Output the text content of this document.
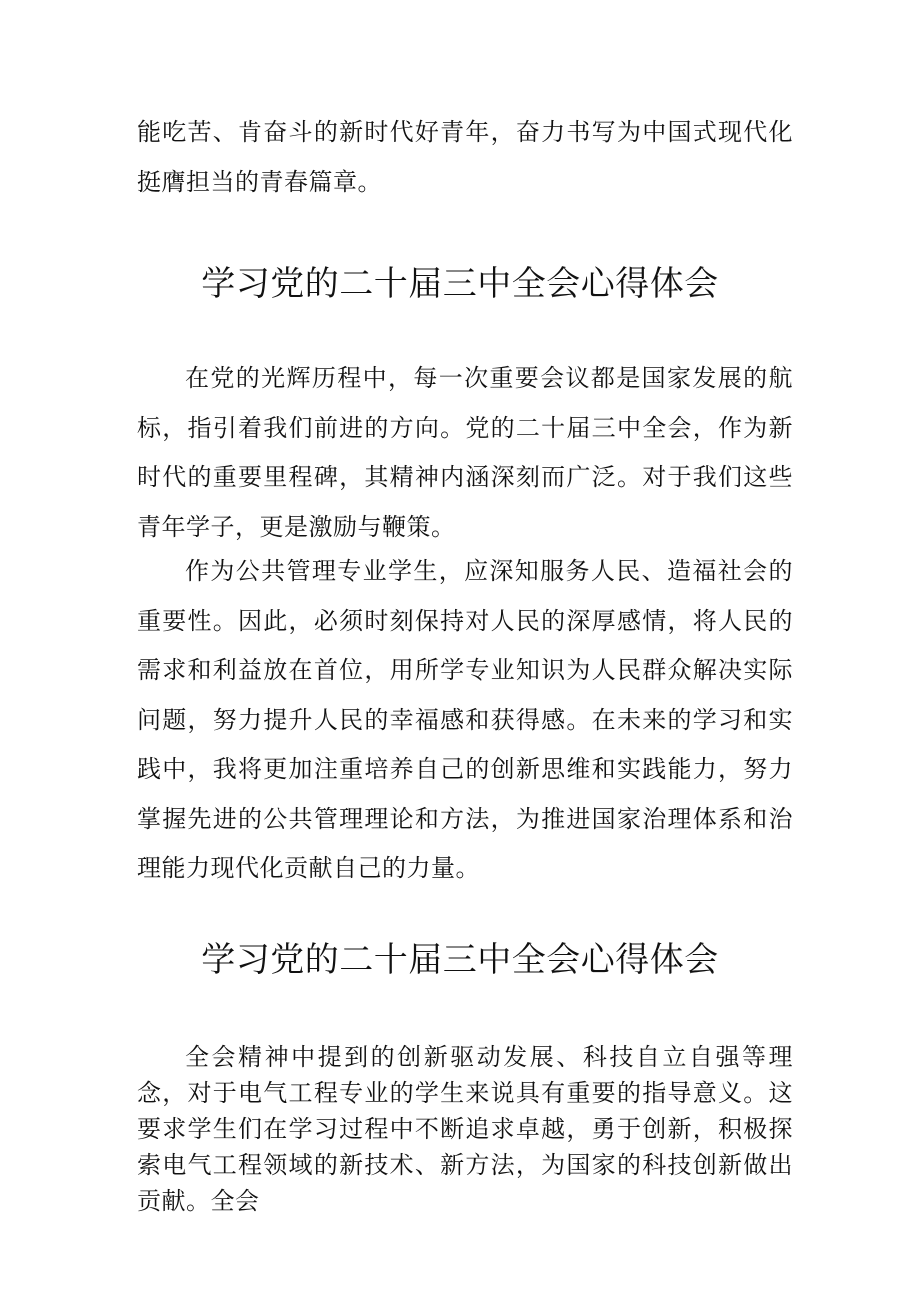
能吃苦、肯奋斗的新时代好青年，奋力书写为中国式现代化挺膺担当的青春篇章。

学习党的二十届三中全会心得体会

在党的光辉历程中，每一次重要会议都是国家发展的航标，指引着我们前进的方向。党的二十届三中全会，作为新时代的重要里程碑，其精神内涵深刻而广泛。对于我们这些青年学子，更是激励与鞭策。

作为公共管理专业学生，应深知服务人民、造福社会的重要性。因此，必须时刻保持对人民的深厚感情，将人民的需求和利益放在首位，用所学专业知识为人民群众解决实际问题，努力提升人民的幸福感和获得感。在未来的学习和实践中，我将更加注重培养自己的创新思维和实践能力，努力掌握先进的公共管理理论和方法，为推进国家治理体系和治理能力现代化贡献自己的力量。

学习党的二十届三中全会心得体会

全会精神中提到的创新驱动发展、科技自立自强等理念，对于电气工程专业的学生来说具有重要的指导意义。这要求学生们在学习过程中不断追求卓越，勇于创新，积极探索电气工程领域的新技术、新方法，为国家的科技创新做出贡献。全会
